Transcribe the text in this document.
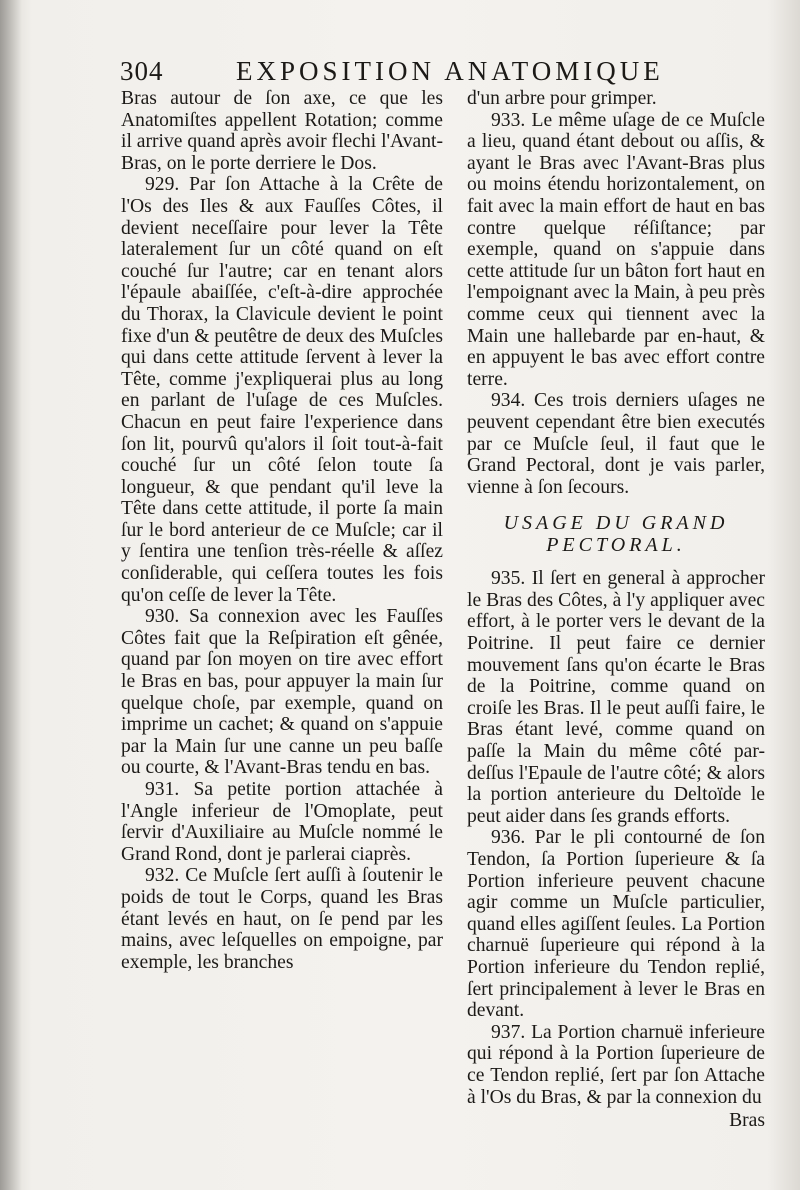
304	EXPOSITION ANATOMIQUE

Bras autour de ſon axe, ce que les Anatomiſtes appellent Rotation; comme il arrive quand après avoir flechi l'Avant-Bras, on le porte derriere le Dos.

929. Par ſon Attache à la Crête de l'Os des Iles & aux Fauſſes Côtes, il devient neceſſaire pour lever la Tête lateralement ſur un côté quand on eſt couché ſur l'autre; car en tenant alors l'épaule abaiſſée, c'eſt-à-dire approchée du Thorax, la Clavicule devient le point fixe d'un & peutêtre de deux des Muſcles qui dans cette attitude ſervent à lever la Tête, comme j'expliquerai plus au long en parlant de l'uſage de ces Muſcles. Chacun en peut faire l'experience dans ſon lit, pourvû qu'alors il ſoit tout-à-fait couché ſur un côté ſelon toute ſa longueur, & que pendant qu'il leve la Tête dans cette attitude, il porte ſa main ſur le bord anterieur de ce Muſcle; car il y ſentira une tenſion très-réelle & aſſez conſiderable, qui ceſſera toutes les fois qu'on ceſſe de lever la Tête.

930. Sa connexion avec les Fauſſes Côtes fait que la Reſpiration eſt gênée, quand par ſon moyen on tire avec effort le Bras en bas, pour appuyer la main ſur quelque choſe, par exemple, quand on imprime un cachet; & quand on s'appuie par la Main ſur une canne un peu baſſe ou courte, & l'Avant-Bras tendu en bas.

931. Sa petite portion attachée à l'Angle inferieur de l'Omoplate, peut ſervir d'Auxiliaire au Muſcle nommé le Grand Rond, dont je parlerai ciaprès.

932. Ce Muſcle ſert auſſi à ſoutenir le poids de tout le Corps, quand les Bras étant levés en haut, on ſe pend par les mains, avec leſquelles on empoigne, par exemple, les branches

d'un arbre pour grimper.

933. Le même uſage de ce Muſcle a lieu, quand étant debout ou aſſis, & ayant le Bras avec l'Avant-Bras plus ou moins étendu horizontalement, on fait avec la main effort de haut en bas contre quelque réſiſtance; par exemple, quand on s'appuie dans cette attitude ſur un bâton fort haut en l'empoignant avec la Main, à peu près comme ceux qui tiennent avec la Main une hallebarde par en-haut, & en appuyent le bas avec effort contre terre.

934. Ces trois derniers uſages ne peuvent cependant être bien executés par ce Muſcle ſeul, il faut que le Grand Pectoral, dont je vais parler, vienne à ſon ſecours.

USAGE DU GRAND
PECTORAL.

935. Il ſert en general à approcher le Bras des Côtes, à l'y appliquer avec effort, à le porter vers le devant de la Poitrine. Il peut faire ce dernier mouvement ſans qu'on écarte le Bras de la Poitrine, comme quand on croiſe les Bras. Il le peut auſſi faire, le Bras étant levé, comme quand on paſſe la Main du même côté par-deſſus l'Epaule de l'autre côté; & alors la portion anterieure du Deltoïde le peut aider dans ſes grands efforts.

936. Par le pli contourné de ſon Tendon, ſa Portion ſuperieure & ſa Portion inferieure peuvent chacune agir comme un Muſcle particulier, quand elles agiſſent ſeules. La Portion charnuë ſuperieure qui répond à la Portion inferieure du Tendon replié, ſert principalement à lever le Bras en devant.

937. La Portion charnuë inferieure qui répond à la Portion ſuperieure de ce Tendon replié, ſert par ſon Attache à l'Os du Bras, & par la connexion du

Bras
